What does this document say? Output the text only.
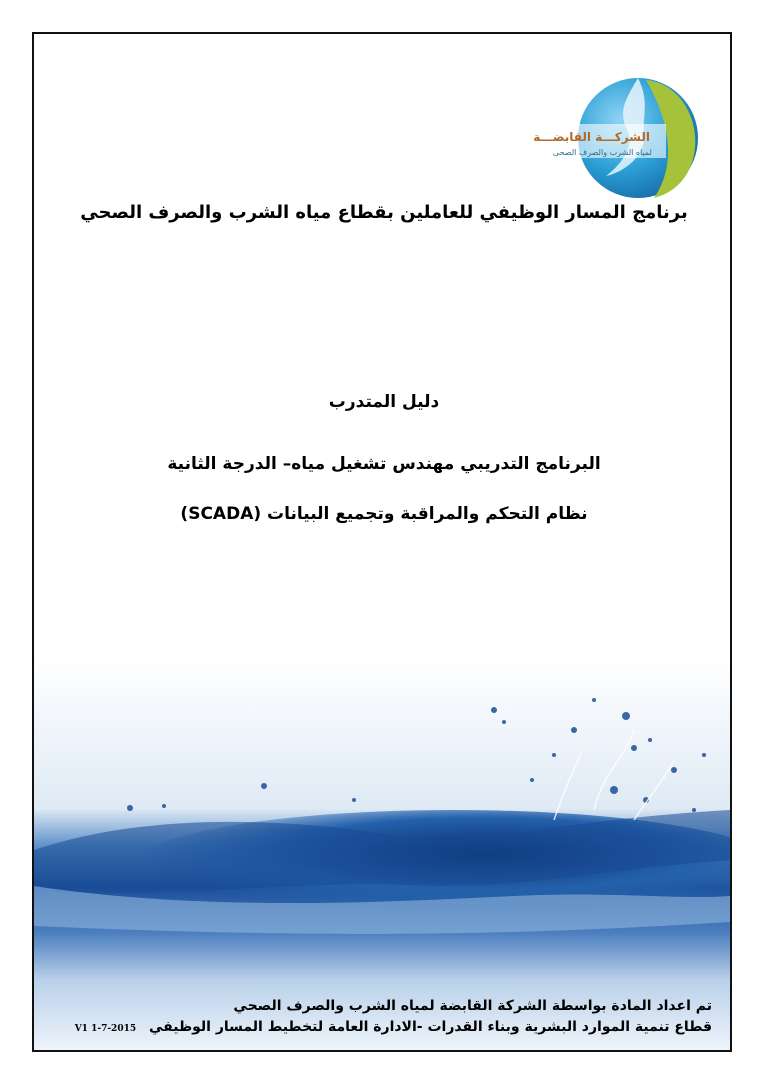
الشركـــة القابضـــة
لمياه الشرب والصرف الصحى
برنامج المسار الوظيفي للعاملين بقطاع مياه الشرب والصرف الصحي
دليل المتدرب
البرنامج التدريبي مهندس تشغيل مياه– الدرجة الثانية
نظام التحكم والمراقبة وتجميع البيانات (SCADA)
تم اعداد المادة بواسطة الشركة القابضة لمياه الشرب والصرف الصحي
قطاع تنمية الموارد البشرية وبناء القدرات -الادارة العامة لتخطيط المسار الوظيفي V1 1-7-2015
